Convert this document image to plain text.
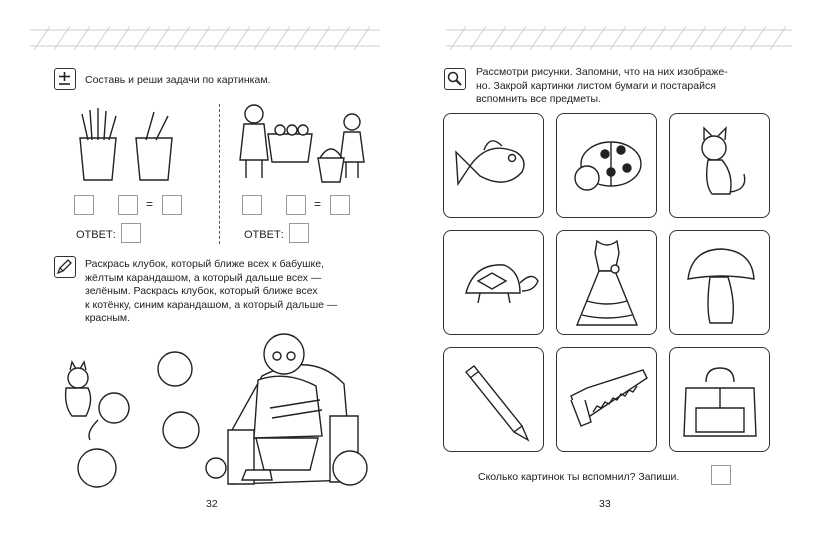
Составь и реши задачи по картинкам.
=	=
ОТВЕТ:	ОТВЕТ:
Раскрась клубок, который ближе всех к бабушке,
жёлтым карандашом, а который дальше всех —
зелёным. Раскрась клубок, который ближе всех
к котёнку, синим карандашом, а который дальше —
красным.
32
Рассмотри рисунки. Запомни, что на них изображе-
но. Закрой картинки листом бумаги и постарайся
вспомнить все предметы.
Сколько картинок ты вспомнил? Запиши.
33
